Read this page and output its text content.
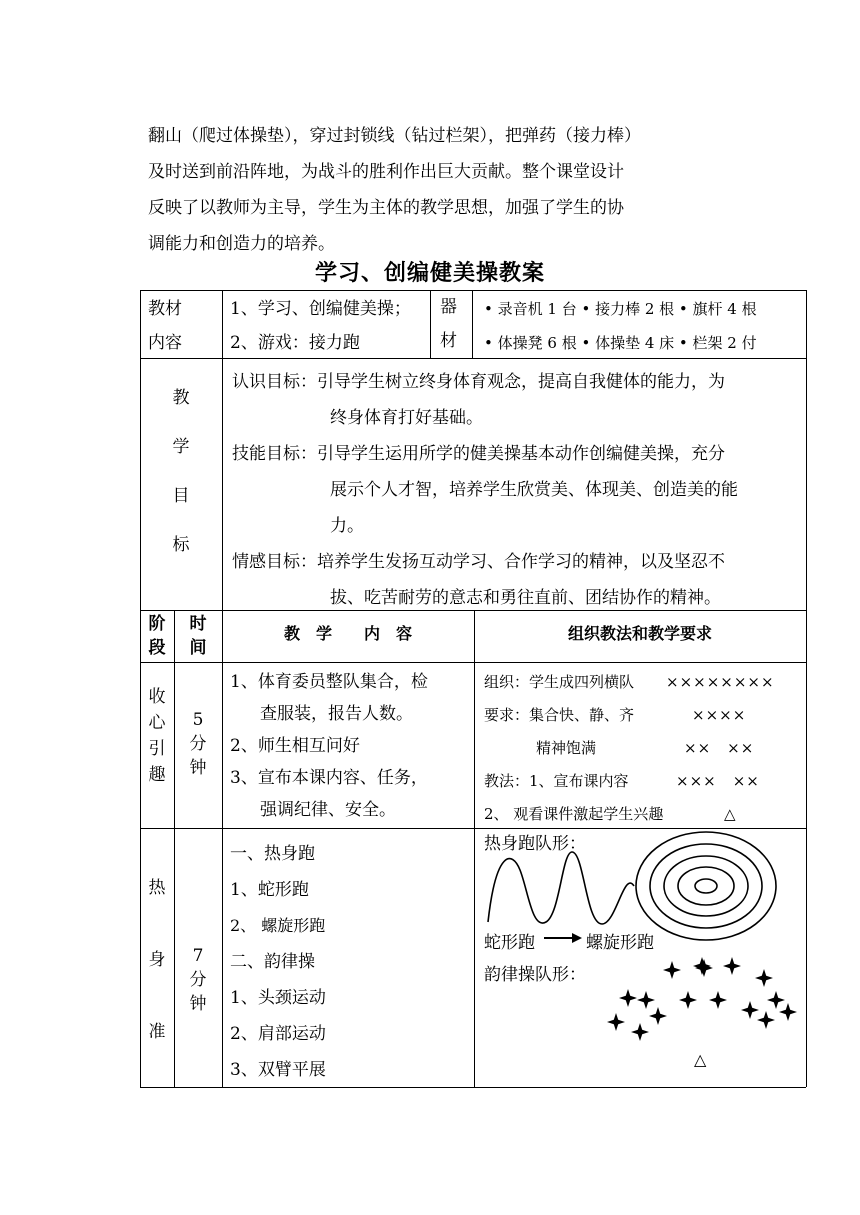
翻山（爬过体操垫），穿过封锁线（钻过栏架），把弹药（接力棒）
及时送到前沿阵地，为战斗的胜利作出巨大贡献。整个课堂设计
反映了以教师为主导，学生为主体的教学思想，加强了学生的协
调能力和创造力的培养。
学习、创编健美操教案
教材
内容
1、学习、创编健美操；
2、游戏：接力跑
器
材
• 录音机 1 台 • 接力棒 2 根 • 旗杆 4 根
• 体操凳 6 根 • 体操垫 4 床 • 栏架 2 付
教
学
目
标
认识目标：引导学生树立终身体育观念，提高自我健体的能力，为
终身体育打好基础。
技能目标：引导学生运用所学的健美操基本动作创编健美操，充分
展示个人才智，培养学生欣赏美、体现美、创造美的能
力。
情感目标：培养学生发扬互动学习、合作学习的精神，以及坚忍不
拔、吃苦耐劳的意志和勇往直前、团结协作的精神。
阶
段
时
间
教　学　　内　容	组织教法和教学要求
收
心
引
趣
5
分
钟
1、体育委员整队集合，检
查服装，报告人数。
2、师生相互问好
3、宣布本课内容、任务，
强调纪律、安全。
组织：学生成四列横队
要求：集合快、静、齐
精神饱满
教法：1、宣布课内容
2、 观看课件激起学生兴趣
××××××××
××××
××　××
×××　××
△
热
身
准
7
分
钟
一、热身跑
1、蛇形跑
2、 螺旋形跑
二、韵律操
1、头颈运动
2、肩部运动
3、双臂平展
热身跑队形：
蛇形跑	螺旋形跑
韵律操队形：
△
